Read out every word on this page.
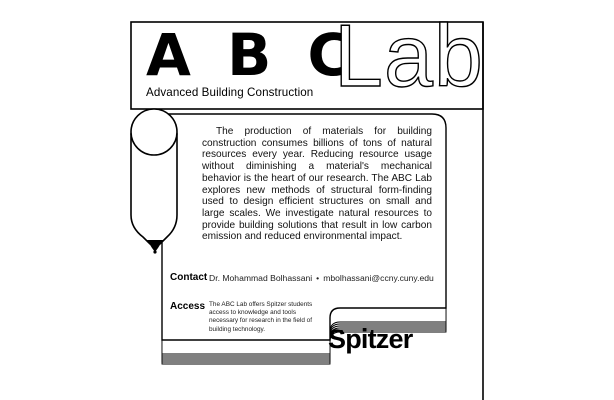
A B C
Lab
Advanced Building Construction

The production of materials for building construction consumes billions of tons of natural resources every year. Reducing resource usage without diminishing a material's mechanical behavior is the heart of our research. The ABC Lab explores new methods of structural form-finding used to design efficient structures on small and large scales. We investigate natural resources to provide building solutions that result in low carbon emission and reduced environmental impact.

Contact Dr. Mohammad Bolhassani • mbolhassani@ccny.cuny.edu
Access The ABC Lab offers Spitzer students access to knowledge and tools necessary for research in the field of building technology.	Spitzer
